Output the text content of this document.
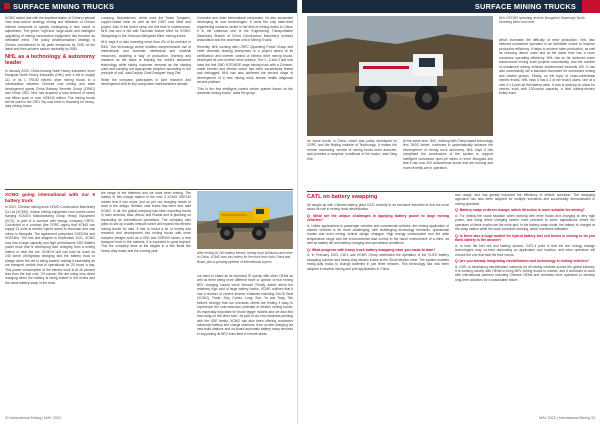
SURFACE MINING TRUCKS

XCMG added that with the implementation of China's national 'new dual-carbon' strategy, mining and utilisation of China's mineral resources is quickly undergoing a new round of adjustment. The green, high-end, large-scale and intelligent upgrading of mining construction equipment has become an inevitable trend. The policy decarbonisation strategy is China's commitment to hit peak emissions by 2030 at the latest and then achieve carbon neutrality by 2060.

NHL as a technology & autonomy leader

In January 2022, China Inmong North Heavy Industries' Inner Mongolia North Heavy Industries (NHL) won a bid to supply 111 of its 1 TR100 electric drive mining trucks to a collaborative between Chinese coal mining and state development giants China Railway Seventh Group (CR6G) and China CRG. NHL has acquired a total amount of nearly one billion yuan or over US$140 million. The mining trucks will be used in the CRG Tay coal mine in Huaneng for heavy-duty mining trucks.

Luoyang, Molybdenum, which uses the Tanke Tungsten-copper-cobalt mine as well as the CMG coal Mine and project. Also in the year's ramp, but this time in maintenance, NHL has won a bid with Tianshan Nature Mine for XCMG-Wangxiang to the Jinchuan-Mengshui Mine: mining trucks.

NHL says it is also investing more than 4% of its revenue in R&D. 'Our technology centre enables comprehensive use of international and domestic intellectual and material resources, adopting a way of production, learning and research as the basis of building the world's advanced technology while taking customer demand as the starting point and carrying out appropriate adoption according to the principle of pull,' said Deputy Chief Designer Yang Zhe.

While the company participates in joint research and development with its key component manufacturers abroad.

Cummins and other international companies, it's also successful developing its own technologies. It owns the only state-level engineering research centre in the field of mining trucks in China. It is the chairman unit of the Engineering Transportation Machinery Branch of China Construction Machinery Industry Association and the chairman unit of Mining Trucks.

Recently, NHL working with CRRC Qiyanfeng Power Group and other domestic leading enterprises in a project aimed at its certification and inverter control of electric drive mining trucks, developed its own inverter drive solution. The 1 –2 and 3 unit now have the first 2WD NTE360/E large mining truck with a Chinese-made inverter and electric motor has been successfully tested and debugged. NHL has also achieved the second stage of development of a new mining truck remote health diagnosis service platform.

'This is the first intelligent control centre system based on the domestic mining trucks,' adds the group.

XCMG going international with our 5 battery truck

In 2021, Chinese mining truck XCMG Construction Machinery Co Ltd (XCMG), whose mining equipment now comes under Nanjing XCMG's Manufacturing Group Heavy Equipment (XCG), is part of a contract with energy company CRRC. Concluded in a contract (the CRRC signs) that XCMG can supply 21 units at electric hybrid drives to mountain and coal mines in Mongolia. The agreement comprised XDE240s and XDE160s. The first unit shipped in September 2021, XCMG now has a large capacity and high performance XDE Battery power truck that is developing fast: charging from a mining station or near the ore. XCMG's unit can hold as much as 245 tonne off-highway charging and the battery truck to charge when the ore is being loaded, making it essentially an ore transport vehicle that is operational for 23 hours a day. This power consumption of the electric truck is at 45 percent less than the fuel cost. 'Of course, We are using very direct charging when the battery is being tested in the mines and the same battery swap in the truck.

the range of the batteries and we have been testing. The battery in this charge station in the new 3 XCMG XDE240 means that it can move, just as per our charging needs to work in the design. Brilliant, said trucks has been fast, said XCMG. In all, the global company has been exporting trucks in Latin America, Asia, Africa, and Russia and is planning on expanding its international operations. The company also plans to set up a sales network which will expand into electric mining trucks for sale. It has to invest a lot of money into research and development into mining trucks with more complex designs such as a XDE and XDR400 series, a new transport truck in the markets, it is expected to grow beyond. This the company aims at the largest in a few fields like heavy-duty trucks and the coming year.

After testing its 240 battery electric mining truck at Baotou and mine in China, XCMG now has orders for the truck from both China and Brazil, plus a growing pipeline of international buyers.

out want to share all its technical IP openly with other OEMs as well as them being more different more or opinion of true mining BEV charging should move forward. Finally, asked about the relatively high cost of large battery trucks, XCMG outlined that it has a number of current finance initiatives including Dar-Si Seat (XCMG), Trade, Seq, Cortec, Long, Sun, Ya and Tang, 'We believe strongly that our overseas clients are finding it easy to experience the cost-reduction potential of electric mining trucks; it's especially important for those bigger models and we also find that using on the other side.' As part of our new business pushing with the XDE family, XCMG has also been offering customers advanced battery and charge solutions, from on-site charging via new-build stations and on-board automatic battery swap services to supporting its BEV truck fleet in remote areas.

32 International Mining | MAY 2022
SURFACE MINING TRUCKS
NHL NTE360 operating at Inner Mongolia's Huaneng's North Huaneng Mine coal mine.

for some trucks in China, which was jointly developed by CRRC and the Beijing Institute of Technology. It makes the remote monitoring, service of mining trucks more accurate, and provides a complete 'conditions of the trucks,' said Yang Zhe.

At the same time, NHL, working with China-based technology firm TAGE Idriver, continues to systematically advance the development of mining truck autonomy. NHL says it has completed the construction of the system to support intelligent unmanned open-pit mines in Inner Mongolia and that it has now 300 autonomous trucks that are running and more recently are in operation.

which increases the difficulty of mine production. NHL also believes unmanned operation is an inevitable choice to improve production efficiency. It helps to achieve safer production, as well as reducing labour costs and at the same time has a more conscious operating efficiency. NHL has so far achieved some autonomous mining truck projects successfully, and the number of unmanned mining vehicles implemented exceeds 100. It has also successfully set a standard document for unmanned mining and related groups. Finally, on the topic of cross-continental electric trucks, NHL says it has a 2 of the truck's plans, one at a new 4 x 4 plan all the battery parts. It now is working on plans for electric truck with 100-tonne capacity, a third battery-electric trolley truck.

CATL on battery swapping

IM caught up with Chinese battery giant CATL recently in an exclusive interview to find out more about its role in mining truck electrification.

Q: What are the unique challenges in applying battery power to large mining vehicles?
A: Unlike applications in passenger vehicles and commercial vehicles, the mining application of electric vehicles is far more challenging, with challenging technology demands, operational modes and even mining vehicle design changes. High energy consumption and the wide temperature range and the environmental dust control in the harsh environment of a mine, as well as battery life and battery charging and operational conditions.

Q: What progress with heavy truck battery swapping have you made to date?
A: In February 2023, CATL and XCMG Group celebrated the operation of the FL/EO battery swapping solution and heavy-duty electric trucks at the Shudi electric mine. The system enables heavy-duty trucks to change batteries in just three minutes. This technology has now been adopted in several mining and port applications in China.

and usage, and has greatly improved the efficiency of vehicle operation. The swapping approach has also been adopted for multiple scenarios and successfully demonstrated in mining operation.

Q: Battery swap or direct charge; which direction is more suitable for mining?
A: For mining the usual situation when working with mine trucks and charging at very high power, and using direct charging seems more practical to some applications where the operators of these trucks use the mine grid. In the battery swap mode, the battery is charged at the swap station while the truck continues working, which increases utilisation.

Q: Is there also a huge market for hybrid battery-fuel cell trucks in mining or do you think battery is the answer?
A: In both the fuel cell and battery sectors, CATL's point is that the two energy storage technologies may co-exist depending on application and location, and mine operators will choose the one that best fits their needs.

Q: Are you already integrating electrification and technology in mining vehicles?
A: CATL is developing electrification solutions for all mining vehicles across the global industry. It is working closely with OEMs to bring BEV mining trucks to market, and it continues to work with international partners including Chinese OEMs and overseas mine operators to develop long-term solutions for a sustainable future.

MAY 2022 | International Mining 33
